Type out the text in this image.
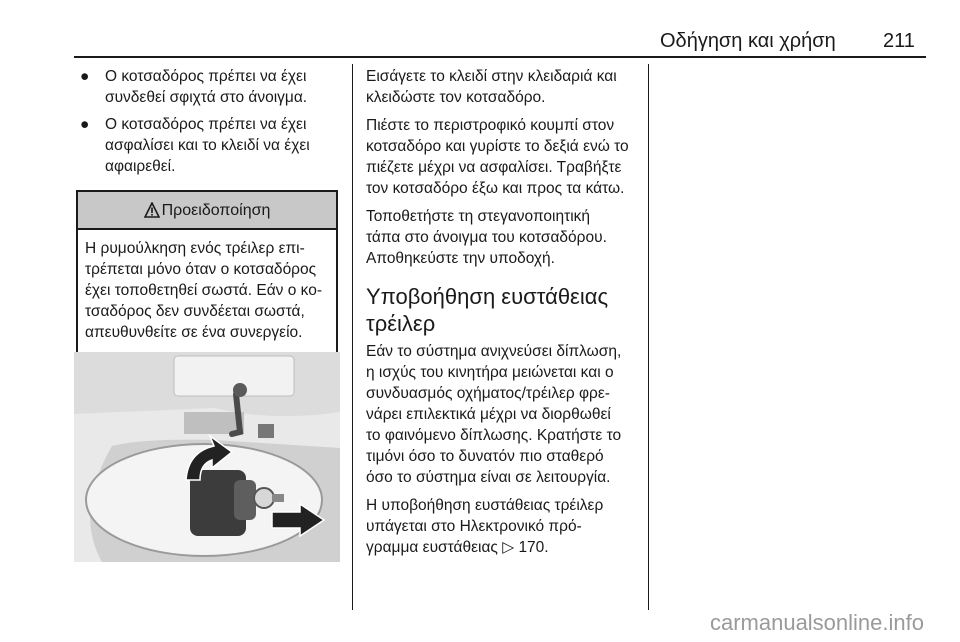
Οδήγηση και χρήση 211
● Ο κοτσαδόρος πρέπει να έχει
συνδεθεί σφιχτά στο άνοιγμα.
● Ο κοτσαδόρος πρέπει να έχει
ασφαλίσει και το κλειδί να έχει
αφαιρεθεί.
Προειδοποίηση
Η ρυμούλκηση ενός τρέιλερ επι-
τρέπεται μόνο όταν ο κοτσαδόρος
έχει τοποθετηθεί σωστά. Εάν ο κο-
τσαδόρος δεν συνδέεται σωστά,
απευθυνθείτε σε ένα συνεργείο.
Εισάγετε το κλειδί στην κλειδαριά και
κλειδώστε τον κοτσαδόρο.
Πιέστε το περιστροφικό κουμπί στον
κοτσαδόρο και γυρίστε το δεξιά ενώ το
πιέζετε μέχρι να ασφαλίσει. Τραβήξτε
τον κοτσαδόρο έξω και προς τα κάτω.
Τοποθετήστε τη στεγανοποιητική
τάπα στο άνοιγμα του κοτσαδόρου.
Αποθηκεύστε την υποδοχή.
Υποβοήθηση ευστάθειας
τρέιλερ
Εάν το σύστημα ανιχνεύσει δίπλωση,
η ισχύς του κινητήρα μειώνεται και ο
συνδυασμός οχήματος/τρέιλερ φρε-
νάρει επιλεκτικά μέχρι να διορθωθεί
το φαινόμενο δίπλωσης. Κρατήστε το
τιμόνι όσο το δυνατόν πιο σταθερό
όσο το σύστημα είναι σε λειτουργία.
Η υποβοήθηση ευστάθειας τρέιλερ
υπάγεται στο Ηλεκτρονικό πρό-
γραμμα ευστάθειας ▷ 170.
carmanualsonline.info
